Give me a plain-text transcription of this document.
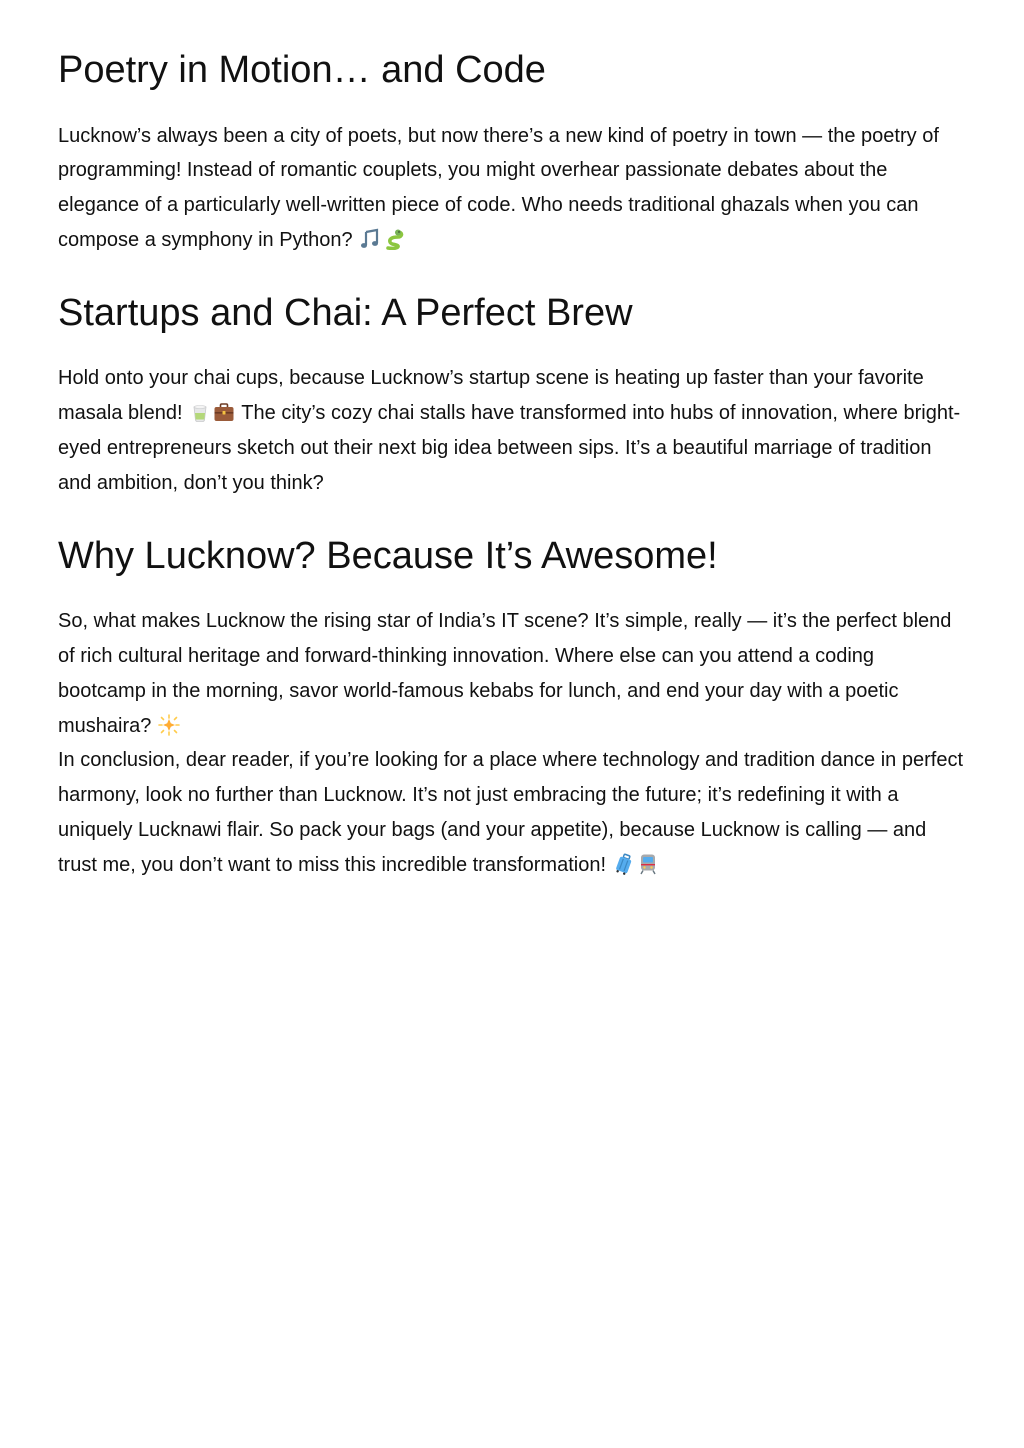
Poetry in Motion… and Code

Lucknow’s always been a city of poets, but now there’s a new kind of poetry in town — the poetry of programming! Instead of romantic couplets, you might overhear passionate debates about the elegance of a particularly well-written piece of code. Who needs traditional ghazals when you can compose a symphony in Python?

Startups and Chai: A Perfect Brew

Hold onto your chai cups, because Lucknow’s startup scene is heating up faster than your favorite masala blend!	The city’s cozy chai stalls have transformed into hubs of innovation, where bright-eyed entrepreneurs sketch out their next big idea between sips. It’s a beautiful marriage of tradition and ambition, don’t you think?

Why Lucknow? Because It’s Awesome!

So, what makes Lucknow the rising star of India’s IT scene? It’s simple, really — it’s the perfect blend of rich cultural heritage and forward-thinking innovation. Where else can you attend a coding bootcamp in the morning, savor world-famous kebabs for lunch, and end your day with a poetic mushaira?

In conclusion, dear reader, if you’re looking for a place where technology and tradition dance in perfect harmony, look no further than Lucknow. It’s not just embracing the future; it’s redefining it with a uniquely Lucknawi flair. So pack your bags (and your appetite), because Lucknow is calling — and trust me, you don’t want to miss this incredible transformation!
